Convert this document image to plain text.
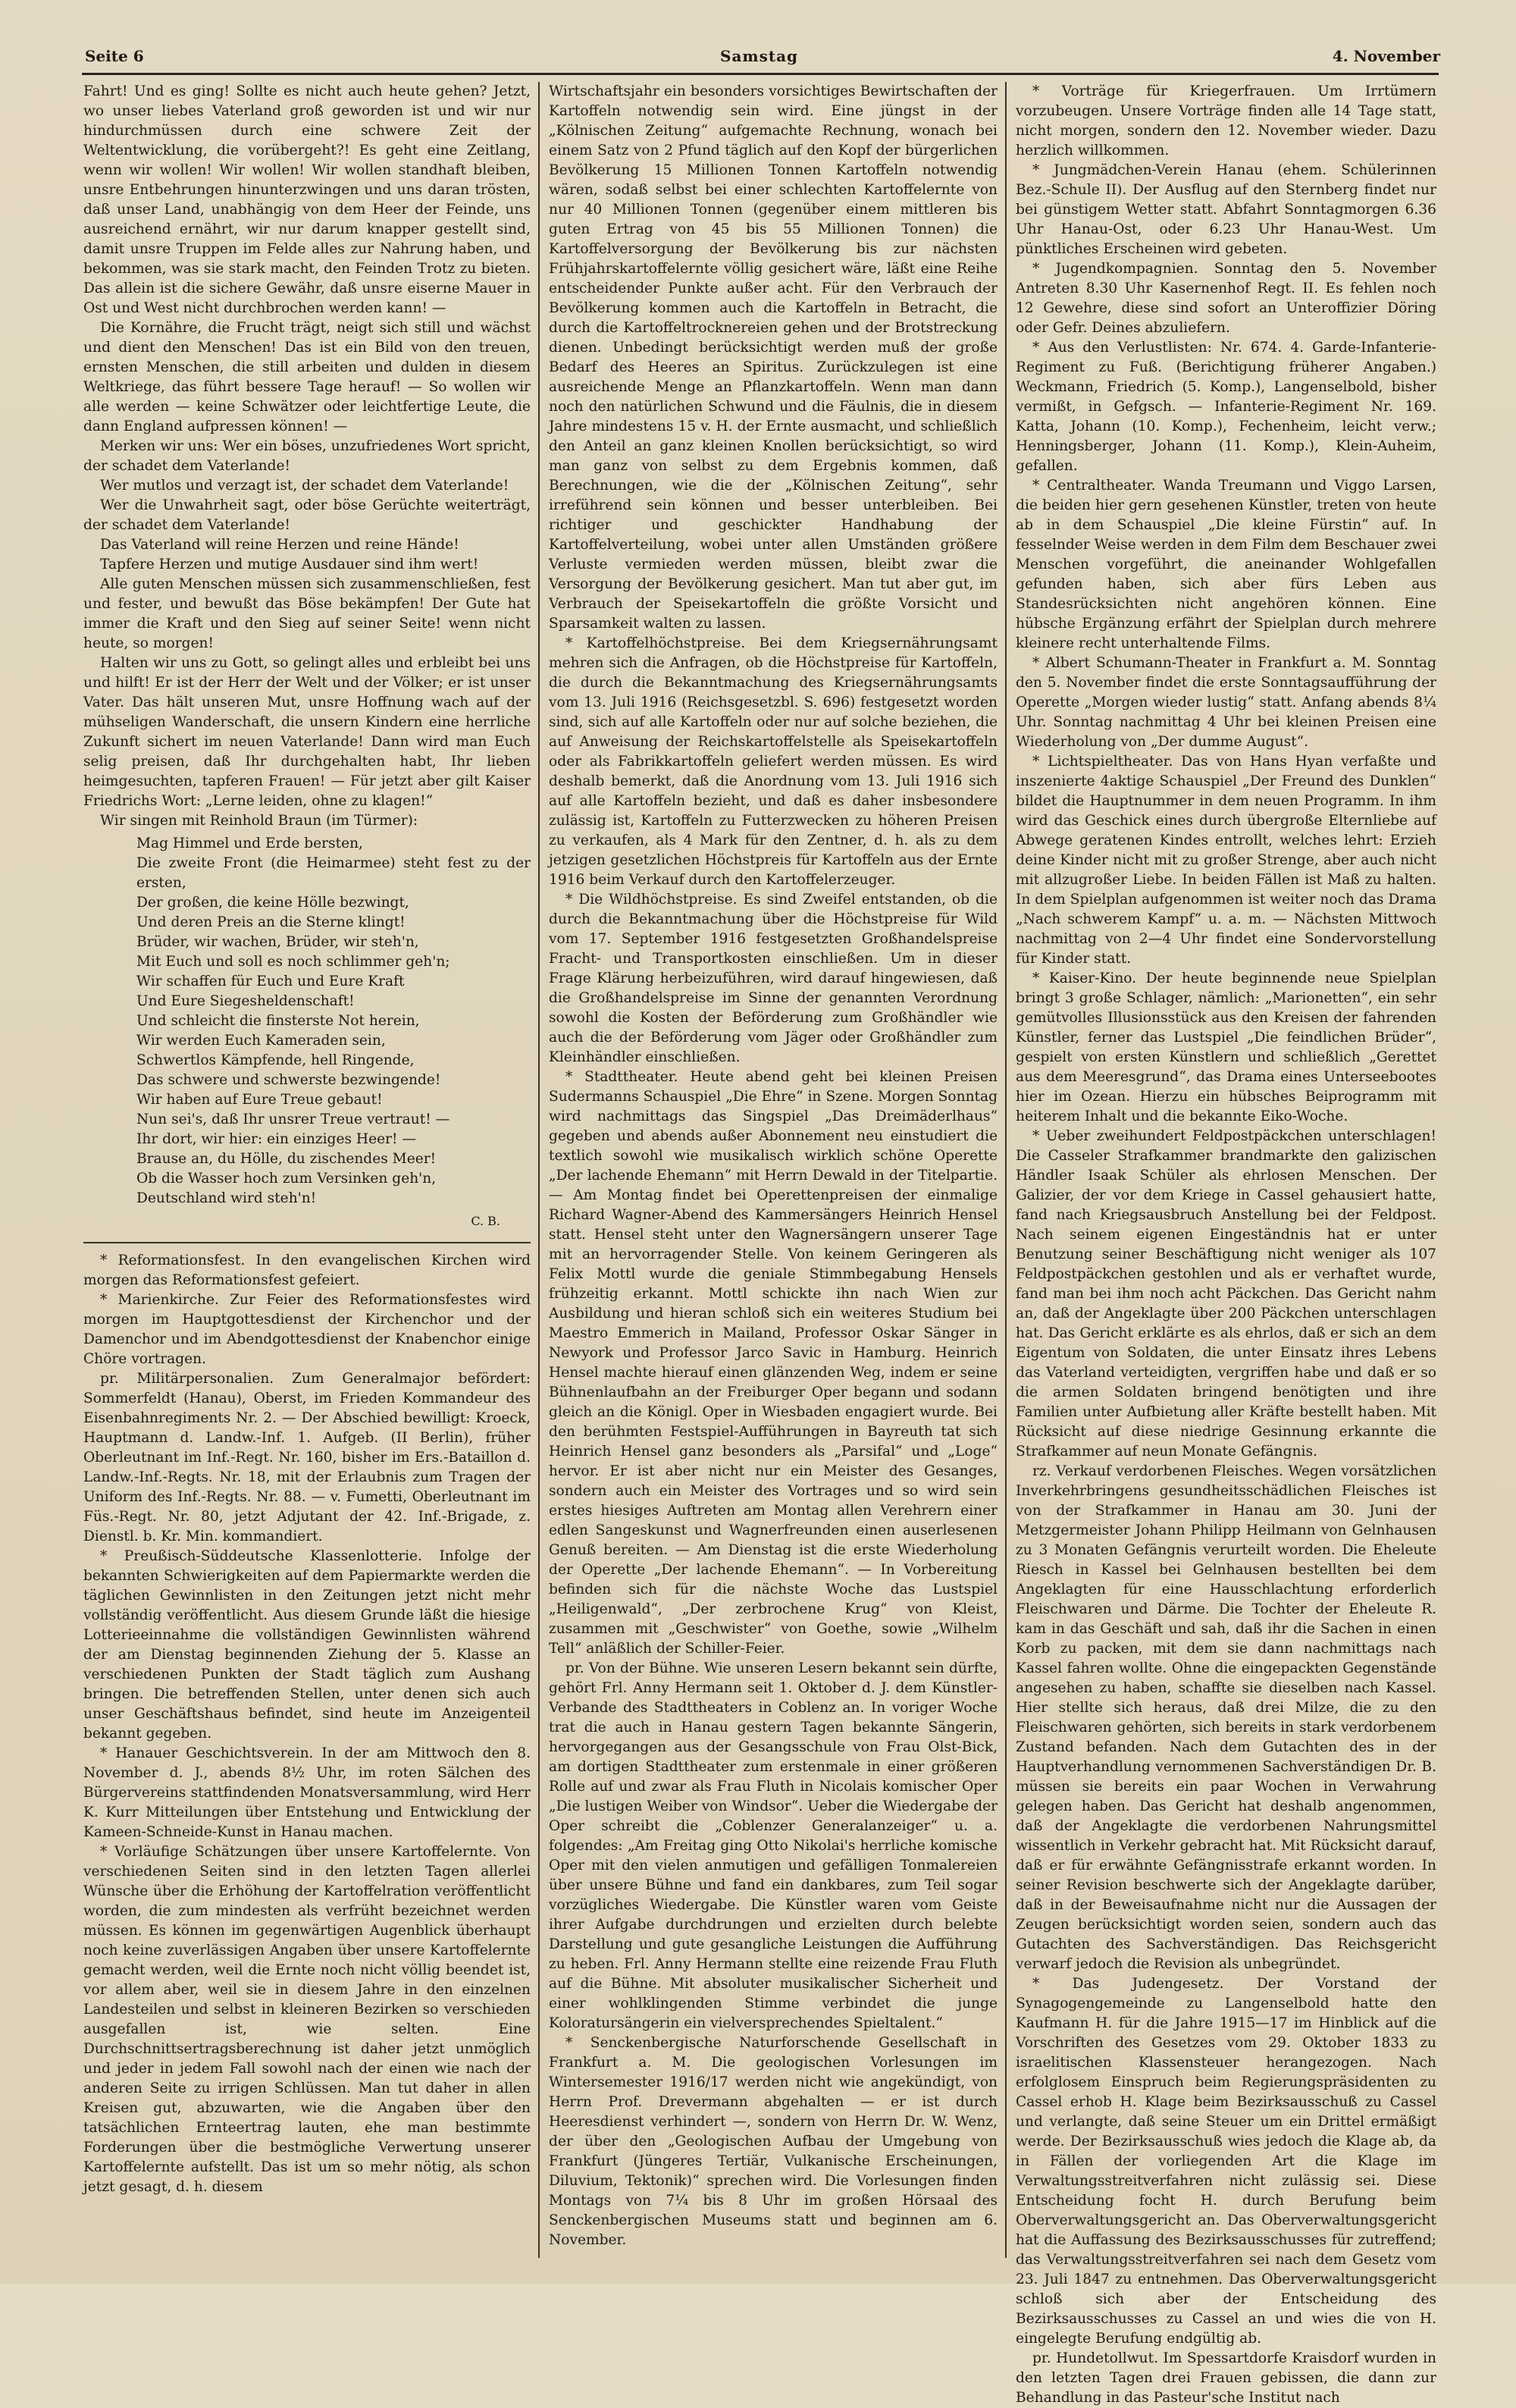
Seite 6	Samstag	4. November

Fahrt! Und es ging! Sollte es nicht auch heute gehen? Jetzt, wo unser liebes Vaterland groß geworden ist und wir nur hindurchmüssen durch eine schwere Zeit der Weltentwicklung, die vorübergeht?! Es geht eine Zeitlang, wenn wir wollen! Wir wollen! Wir wollen standhaft bleiben, unsre Entbehrungen hinunterzwingen und uns daran trösten, daß unser Land, unabhängig von dem Heer der Feinde, uns ausreichend ernährt, wir nur darum knapper gestellt sind, damit unsre Truppen im Felde alles zur Nahrung haben, und bekommen, was sie stark macht, den Feinden Trotz zu bieten. Das allein ist die sichere Gewähr, daß unsre eiserne Mauer in Ost und West nicht durchbrochen werden kann! —

Die Kornähre, die Frucht trägt, neigt sich still und wächst und dient den Menschen! Das ist ein Bild von den treuen, ernsten Menschen, die still arbeiten und dulden in diesem Weltkriege, das führt bessere Tage herauf! — So wollen wir alle werden — keine Schwätzer oder leichtfertige Leute, die dann England aufpressen können! —

Merken wir uns: Wer ein böses, unzufriedenes Wort spricht, der schadet dem Vaterlande!

Wer mutlos und verzagt ist, der schadet dem Vaterlande!

Wer die Unwahrheit sagt, oder böse Gerüchte weiterträgt, der schadet dem Vaterlande!

Das Vaterland will reine Herzen und reine Hände!

Tapfere Herzen und mutige Ausdauer sind ihm wert!

Alle guten Menschen müssen sich zusammenschließen, fest und fester, und bewußt das Böse bekämpfen! Der Gute hat immer die Kraft und den Sieg auf seiner Seite! wenn nicht heute, so morgen!

Halten wir uns zu Gott, so gelingt alles und erbleibt bei uns und hilft! Er ist der Herr der Welt und der Völker; er ist unser Vater. Das hält unseren Mut, unsre Hoffnung wach auf der mühseligen Wanderschaft, die unsern Kindern eine herrliche Zukunft sichert im neuen Vaterlande! Dann wird man Euch selig preisen, daß Ihr durchgehalten habt, Ihr lieben heimgesuchten, tapferen Frauen! — Für jetzt aber gilt Kaiser Friedrichs Wort: „Lerne leiden, ohne zu klagen!“

Wir singen mit Reinhold Braun (im Türmer):

Mag Himmel und Erde bersten,

Die zweite Front (die Heimarmee) steht fest zu der ersten,

Der großen, die keine Hölle bezwingt,

Und deren Preis an die Sterne klingt!

Brüder, wir wachen, Brüder, wir steh'n,

Mit Euch und soll es noch schlimmer geh'n;

Wir schaffen für Euch und Eure Kraft

Und Eure Siegesheldenschaft!

Und schleicht die finsterste Not herein,

Wir werden Euch Kameraden sein,

Schwertlos Kämpfende, hell Ringende,

Das schwere und schwerste bezwingende!

Wir haben auf Eure Treue gebaut!

Nun sei's, daß Ihr unsrer Treue vertraut! —

Ihr dort, wir hier: ein einziges Heer! —

Brause an, du Hölle, du zischendes Meer!

Ob die Wasser hoch zum Versinken geh'n,

Deutschland wird steh'n!

C. B.

* Reformationsfest. In den evangelischen Kirchen wird morgen das Reformationsfest gefeiert.

* Marienkirche. Zur Feier des Reformationsfestes wird morgen im Hauptgottesdienst der Kirchenchor und der Damenchor und im Abendgottesdienst der Knabenchor einige Chöre vortragen.

pr. Militärpersonalien. Zum Generalmajor befördert: Sommerfeldt (Hanau), Oberst, im Frieden Kommandeur des Eisenbahnregiments Nr. 2. — Der Abschied bewilligt: Kroeck, Hauptmann d. Landw.-Inf. 1. Aufgeb. (II Berlin), früher Oberleutnant im Inf.-Regt. Nr. 160, bisher im Ers.-Bataillon d. Landw.-Inf.-Regts. Nr. 18, mit der Erlaubnis zum Tragen der Uniform des Inf.-Regts. Nr. 88. — v. Fumetti, Oberleutnant im Füs.-Regt. Nr. 80, jetzt Adjutant der 42. Inf.-Brigade, z. Dienstl. b. Kr. Min. kommandiert.

* Preußisch-Süddeutsche Klassenlotterie. Infolge der bekannten Schwierigkeiten auf dem Papiermarkte werden die täglichen Gewinnlisten in den Zeitungen jetzt nicht mehr vollständig veröffentlicht. Aus diesem Grunde läßt die hiesige Lotterieeinnahme die vollständigen Gewinnlisten während der am Dienstag beginnenden Ziehung der 5. Klasse an verschiedenen Punkten der Stadt täglich zum Aushang bringen. Die betreffenden Stellen, unter denen sich auch unser Geschäftshaus befindet, sind heute im Anzeigenteil bekannt gegeben.

* Hanauer Geschichtsverein. In der am Mittwoch den 8. November d. J., abends 8½ Uhr, im roten Sälchen des Bürgervereins stattfindenden Monatsversammlung, wird Herr K. Kurr Mitteilungen über Entstehung und Entwicklung der Kameen-Schneide-Kunst in Hanau machen.

* Vorläufige Schätzungen über unsere Kartoffelernte. Von verschiedenen Seiten sind in den letzten Tagen allerlei Wünsche über die Erhöhung der Kartoffelration veröffentlicht worden, die zum mindesten als verfrüht bezeichnet werden müssen. Es können im gegenwärtigen Augenblick überhaupt noch keine zuverlässigen Angaben über unsere Kartoffelernte gemacht werden, weil die Ernte noch nicht völlig beendet ist, vor allem aber, weil sie in diesem Jahre in den einzelnen Landesteilen und selbst in kleineren Bezirken so verschieden ausgefallen ist, wie selten. Eine Durchschnittsertragsberechnung ist daher jetzt unmöglich und jeder in jedem Fall sowohl nach der einen wie nach der anderen Seite zu irrigen Schlüssen. Man tut daher in allen Kreisen gut, abzuwarten, wie die Angaben über den tatsächlichen Ernteertrag lauten, ehe man bestimmte Forderungen über die bestmögliche Verwertung unserer Kartoffelernte aufstellt. Das ist um so mehr nötig, als schon jetzt gesagt, d. h. diesem

Wirtschaftsjahr ein besonders vorsichtiges Bewirtschaften der Kartoffeln notwendig sein wird. Eine jüngst in der „Kölnischen Zeitung“ aufgemachte Rechnung, wonach bei einem Satz von 2 Pfund täglich auf den Kopf der bürgerlichen Bevölkerung 15 Millionen Tonnen Kartoffeln notwendig wären, sodaß selbst bei einer schlechten Kartoffelernte von nur 40 Millionen Tonnen (gegenüber einem mittleren bis guten Ertrag von 45 bis 55 Millionen Tonnen) die Kartoffelversorgung der Bevölkerung bis zur nächsten Frühjahrskartoffelernte völlig gesichert wäre, läßt eine Reihe entscheidender Punkte außer acht. Für den Verbrauch der Bevölkerung kommen auch die Kartoffeln in Betracht, die durch die Kartoffeltrocknereien gehen und der Brotstreckung dienen. Unbedingt berücksichtigt werden muß der große Bedarf des Heeres an Spiritus. Zurückzulegen ist eine ausreichende Menge an Pflanzkartoffeln. Wenn man dann noch den natürlichen Schwund und die Fäulnis, die in diesem Jahre mindestens 15 v. H. der Ernte ausmacht, und schließlich den Anteil an ganz kleinen Knollen berücksichtigt, so wird man ganz von selbst zu dem Ergebnis kommen, daß Berechnungen, wie die der „Kölnischen Zeitung“, sehr irreführend sein können und besser unterbleiben. Bei richtiger und geschickter Handhabung der Kartoffelverteilung, wobei unter allen Umständen größere Verluste vermieden werden müssen, bleibt zwar die Versorgung der Bevölkerung gesichert. Man tut aber gut, im Verbrauch der Speisekartoffeln die größte Vorsicht und Sparsamkeit walten zu lassen.

* Kartoffelhöchstpreise. Bei dem Kriegsernährungsamt mehren sich die Anfragen, ob die Höchstpreise für Kartoffeln, die durch die Bekanntmachung des Kriegsernährungsamts vom 13. Juli 1916 (Reichsgesetzbl. S. 696) festgesetzt worden sind, sich auf alle Kartoffeln oder nur auf solche beziehen, die auf Anweisung der Reichskartoffelstelle als Speisekartoffeln oder als Fabrikkartoffeln geliefert werden müssen. Es wird deshalb bemerkt, daß die Anordnung vom 13. Juli 1916 sich auf alle Kartoffeln bezieht, und daß es daher insbesondere zulässig ist, Kartoffeln zu Futterzwecken zu höheren Preisen zu verkaufen, als 4 Mark für den Zentner, d. h. als zu dem jetzigen gesetzlichen Höchstpreis für Kartoffeln aus der Ernte 1916 beim Verkauf durch den Kartoffelerzeuger.

* Die Wildhöchstpreise. Es sind Zweifel entstanden, ob die durch die Bekanntmachung über die Höchstpreise für Wild vom 17. September 1916 festgesetzten Großhandelspreise Fracht- und Transportkosten einschließen. Um in dieser Frage Klärung herbeizuführen, wird darauf hingewiesen, daß die Großhandelspreise im Sinne der genannten Verordnung sowohl die Kosten der Beförderung zum Großhändler wie auch die der Beförderung vom Jäger oder Großhändler zum Kleinhändler einschließen.

* Stadttheater. Heute abend geht bei kleinen Preisen Sudermanns Schauspiel „Die Ehre“ in Szene. Morgen Sonntag wird nachmittags das Singspiel „Das Dreimäderlhaus“ gegeben und abends außer Abonnement neu einstudiert die textlich sowohl wie musikalisch wirklich schöne Operette „Der lachende Ehemann“ mit Herrn Dewald in der Titelpartie. — Am Montag findet bei Operettenpreisen der einmalige Richard Wagner-Abend des Kammersängers Heinrich Hensel statt. Hensel steht unter den Wagnersängern unserer Tage mit an hervorragender Stelle. Von keinem Geringeren als Felix Mottl wurde die geniale Stimmbegabung Hensels frühzeitig erkannt. Mottl schickte ihn nach Wien zur Ausbildung und hieran schloß sich ein weiteres Studium bei Maestro Emmerich in Mailand, Professor Oskar Sänger in Newyork und Professor Jarco Savic in Hamburg. Heinrich Hensel machte hierauf einen glänzenden Weg, indem er seine Bühnenlaufbahn an der Freiburger Oper begann und sodann gleich an die Königl. Oper in Wiesbaden engagiert wurde. Bei den berühmten Festspiel-Aufführungen in Bayreuth tat sich Heinrich Hensel ganz besonders als „Parsifal“ und „Loge“ hervor. Er ist aber nicht nur ein Meister des Gesanges, sondern auch ein Meister des Vortrages und so wird sein erstes hiesiges Auftreten am Montag allen Verehrern einer edlen Sangeskunst und Wagnerfreunden einen auserlesenen Genuß bereiten. — Am Dienstag ist die erste Wiederholung der Operette „Der lachende Ehemann“. — In Vorbereitung befinden sich für die nächste Woche das Lustspiel „Heiligenwald“, „Der zerbrochene Krug“ von Kleist, zusammen mit „Geschwister“ von Goethe, sowie „Wilhelm Tell“ anläßlich der Schiller-Feier.

pr. Von der Bühne. Wie unseren Lesern bekannt sein dürfte, gehört Frl. Anny Hermann seit 1. Oktober d. J. dem Künstler-Verbande des Stadttheaters in Coblenz an. In voriger Woche trat die auch in Hanau gestern Tagen bekannte Sängerin, hervorgegangen aus der Gesangsschule von Frau Olst-Bick, am dortigen Stadttheater zum erstenmale in einer größeren Rolle auf und zwar als Frau Fluth in Nicolais komischer Oper „Die lustigen Weiber von Windsor“. Ueber die Wiedergabe der Oper schreibt die „Coblenzer Generalanzeiger“ u. a. folgendes: „Am Freitag ging Otto Nikolai's herrliche komische Oper mit den vielen anmutigen und gefälligen Tonmalereien über unsere Bühne und fand ein dankbares, zum Teil sogar vorzügliches Wiedergabe. Die Künstler waren vom Geiste ihrer Aufgabe durchdrungen und erzielten durch belebte Darstellung und gute gesangliche Leistungen die Aufführung zu heben. Frl. Anny Hermann stellte eine reizende Frau Fluth auf die Bühne. Mit absoluter musikalischer Sicherheit und einer wohlklingenden Stimme verbindet die junge Koloratursängerin ein vielversprechendes Spieltalent.“

* Senckenbergische Naturforschende Gesellschaft in Frankfurt a. M. Die geologischen Vorlesungen im Wintersemester 1916/17 werden nicht wie angekündigt, von Herrn Prof. Drevermann abgehalten — er ist durch Heeresdienst verhindert —, sondern von Herrn Dr. W. Wenz, der über den „Geologischen Aufbau der Umgebung von Frankfurt (Jüngeres Tertiär, Vulkanische Erscheinungen, Diluvium, Tektonik)“ sprechen wird. Die Vorlesungen finden Montags von 7¼ bis 8 Uhr im großen Hörsaal des Senckenbergischen Museums statt und beginnen am 6. November.

* Vorträge für Kriegerfrauen. Um Irrtümern vorzubeugen. Unsere Vorträge finden alle 14 Tage statt, nicht morgen, sondern den 12. November wieder. Dazu herzlich willkommen.

* Jungmädchen-Verein Hanau (ehem. Schülerinnen Bez.-Schule II). Der Ausflug auf den Sternberg findet nur bei günstigem Wetter statt. Abfahrt Sonntagmorgen 6.36 Uhr Hanau-Ost, oder 6.23 Uhr Hanau-West. Um pünktliches Erscheinen wird gebeten.

* Jugendkompagnien. Sonntag den 5. November Antreten 8.30 Uhr Kasernenhof Regt. II. Es fehlen noch 12 Gewehre, diese sind sofort an Unteroffizier Döring oder Gefr. Deines abzuliefern.

* Aus den Verlustlisten: Nr. 674. 4. Garde-Infanterie-Regiment zu Fuß. (Berichtigung früherer Angaben.) Weckmann, Friedrich (5. Komp.), Langenselbold, bisher vermißt, in Gefgsch. — Infanterie-Regiment Nr. 169. Katta, Johann (10. Komp.), Fechenheim, leicht verw.; Henningsberger, Johann (11. Komp.), Klein-Auheim, gefallen.

* Centraltheater. Wanda Treumann und Viggo Larsen, die beiden hier gern gesehenen Künstler, treten von heute ab in dem Schauspiel „Die kleine Fürstin“ auf. In fesselnder Weise werden in dem Film dem Beschauer zwei Menschen vorgeführt, die aneinander Wohlgefallen gefunden haben, sich aber fürs Leben aus Standesrücksichten nicht angehören können. Eine hübsche Ergänzung erfährt der Spielplan durch mehrere kleinere recht unterhaltende Films.

* Albert Schumann-Theater in Frankfurt a. M. Sonntag den 5. November findet die erste Sonntagsaufführung der Operette „Morgen wieder lustig“ statt. Anfang abends 8¼ Uhr. Sonntag nachmittag 4 Uhr bei kleinen Preisen eine Wiederholung von „Der dumme August“.

* Lichtspieltheater. Das von Hans Hyan verfaßte und inszenierte 4aktige Schauspiel „Der Freund des Dunklen“ bildet die Hauptnummer in dem neuen Programm. In ihm wird das Geschick eines durch übergroße Elternliebe auf Abwege geratenen Kindes entrollt, welches lehrt: Erzieh deine Kinder nicht mit zu großer Strenge, aber auch nicht mit allzugroßer Liebe. In beiden Fällen ist Maß zu halten. In dem Spielplan aufgenommen ist weiter noch das Drama „Nach schwerem Kampf“ u. a. m. — Nächsten Mittwoch nachmittag von 2—4 Uhr findet eine Sondervorstellung für Kinder statt.

* Kaiser-Kino. Der heute beginnende neue Spielplan bringt 3 große Schlager, nämlich: „Marionetten“, ein sehr gemütvolles Illusionsstück aus den Kreisen der fahrenden Künstler, ferner das Lustspiel „Die feindlichen Brüder“, gespielt von ersten Künstlern und schließlich „Gerettet aus dem Meeresgrund“, das Drama eines Unterseebootes hier im Ozean. Hierzu ein hübsches Beiprogramm mit heiterem Inhalt und die bekannte Eiko-Woche.

* Ueber zweihundert Feldpostpäckchen unterschlagen! Die Casseler Strafkammer brandmarkte den galizischen Händler Isaak Schüler als ehrlosen Menschen. Der Galizier, der vor dem Kriege in Cassel gehausiert hatte, fand nach Kriegsausbruch Anstellung bei der Feldpost. Nach seinem eigenen Eingeständnis hat er unter Benutzung seiner Beschäftigung nicht weniger als 107 Feldpostpäckchen gestohlen und als er verhaftet wurde, fand man bei ihm noch acht Päckchen. Das Gericht nahm an, daß der Angeklagte über 200 Päckchen unterschlagen hat. Das Gericht erklärte es als ehrlos, daß er sich an dem Eigentum von Soldaten, die unter Einsatz ihres Lebens das Vaterland verteidigten, vergriffen habe und daß er so die armen Soldaten bringend benötigten und ihre Familien unter Aufbietung aller Kräfte bestellt haben. Mit Rücksicht auf diese niedrige Gesinnung erkannte die Strafkammer auf neun Monate Gefängnis.

rz. Verkauf verdorbenen Fleisches. Wegen vorsätzlichen Inverkehrbringens gesundheitsschädlichen Fleisches ist von der Strafkammer in Hanau am 30. Juni der Metzgermeister Johann Philipp Heilmann von Gelnhausen zu 3 Monaten Gefängnis verurteilt worden. Die Eheleute Riesch in Kassel bei Gelnhausen bestellten bei dem Angeklagten für eine Hausschlachtung erforderlich Fleischwaren und Därme. Die Tochter der Eheleute R. kam in das Geschäft und sah, daß ihr die Sachen in einen Korb zu packen, mit dem sie dann nachmittags nach Kassel fahren wollte. Ohne die eingepackten Gegenstände angesehen zu haben, schaffte sie dieselben nach Kassel. Hier stellte sich heraus, daß drei Milze, die zu den Fleischwaren gehörten, sich bereits in stark verdorbenem Zustand befanden. Nach dem Gutachten des in der Hauptverhandlung vernommenen Sachverständigen Dr. B. müssen sie bereits ein paar Wochen in Verwahrung gelegen haben. Das Gericht hat deshalb angenommen, daß der Angeklagte die verdorbenen Nahrungsmittel wissentlich in Verkehr gebracht hat. Mit Rücksicht darauf, daß er für erwähnte Gefängnisstrafe erkannt worden. In seiner Revision beschwerte sich der Angeklagte darüber, daß in der Beweisaufnahme nicht nur die Aussagen der Zeugen berücksichtigt worden seien, sondern auch das Gutachten des Sachverständigen. Das Reichsgericht verwarf jedoch die Revision als unbegründet.

* Das Judengesetz. Der Vorstand der Synagogengemeinde zu Langenselbold hatte den Kaufmann H. für die Jahre 1915—17 im Hinblick auf die Vorschriften des Gesetzes vom 29. Oktober 1833 zu israelitischen Klassensteuer herangezogen. Nach erfolglosem Einspruch beim Regierungspräsidenten zu Cassel erhob H. Klage beim Bezirksausschuß zu Cassel und verlangte, daß seine Steuer um ein Drittel ermäßigt werde. Der Bezirksausschuß wies jedoch die Klage ab, da in Fällen der vorliegenden Art die Klage im Verwaltungsstreitverfahren nicht zulässig sei. Diese Entscheidung focht H. durch Berufung beim Oberverwaltungsgericht an. Das Oberverwaltungsgericht hat die Auffassung des Bezirksausschusses für zutreffend; das Verwaltungsstreitverfahren sei nach dem Gesetz vom 23. Juli 1847 zu entnehmen. Das Oberverwaltungsgericht schloß sich aber der Entscheidung des Bezirksausschusses zu Cassel an und wies die von H. eingelegte Berufung endgültig ab.

pr. Hundetollwut. Im Spessartdorfe Kraisdorf wurden in den letzten Tagen drei Frauen gebissen, die dann zur Behandlung in das Pasteur'sche Institut nach
